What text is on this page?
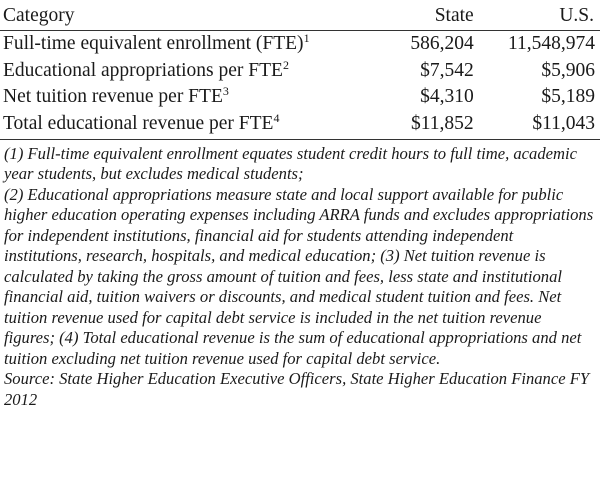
Category	State	U.S.
Full-time equivalent enrollment (FTE)$^1$	586,204	11,548,974
Educational appropriations per FTE$^2$	$7,542	$5,906
Net tuition revenue per FTE$^3$	$4,310	$5,189
Total educational revenue per FTE$^4$	$11,852	$11,043

(1) Full-time equivalent enrollment equates student credit hours to full time, academic year students, but excludes medical students;

(2) Educational appropriations measure state and local support available for public higher education operating expenses including ARRA funds and excludes appropriations for independent institutions, financial aid for students attending independent institutions, research, hospitals, and medical education; (3) Net tuition revenue is calculated by taking the gross amount of tuition and fees, less state and institutional financial aid, tuition waivers or discounts, and medical student tuition and fees. Net tuition revenue used for capital debt service is included in the net tuition revenue figures; (4) Total educational revenue is the sum of educational appropriations and net tuition excluding net tuition revenue used for capital debt service.

Source: State Higher Education Executive Officers, State Higher Education Finance FY 2012
